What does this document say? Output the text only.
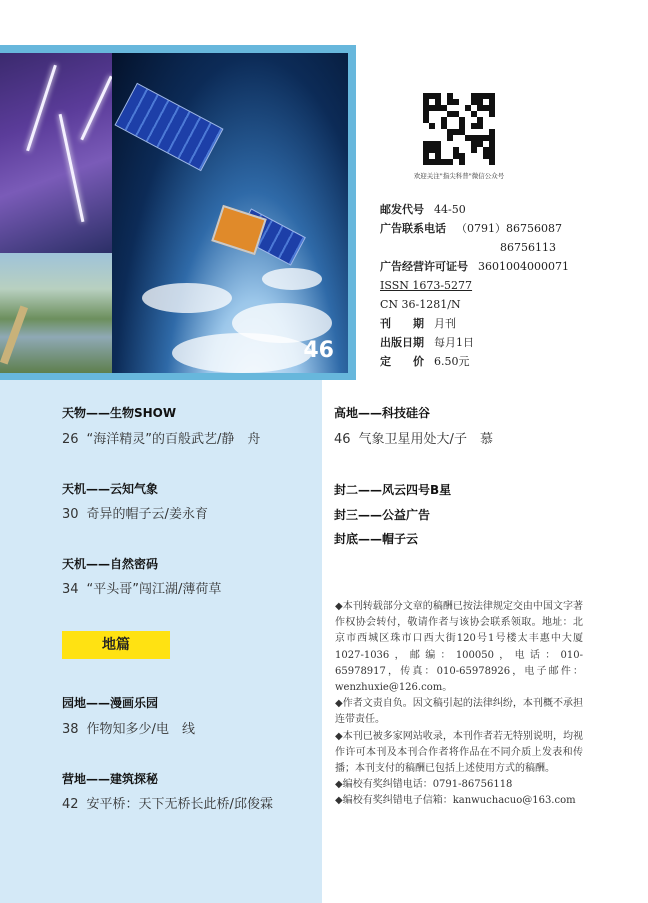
46
欢迎关注"指尖科普"微信公众号
邮发代号 44-50
广告联系电话 （0791）86756087
86756113
广告经营许可证号 3601004000071
ISSN 1673-5277
CN 36-1281/N
刊　　期 月刊
出版日期 每月1日
定　　价 6.50元
天物——生物SHOW
26 “海洋精灵”的百般武艺/静　舟
天机——云知气象
30 奇异的帽子云/姜永育
天机——自然密码
34 “平头哥”闯江湖/薄荷草
地篇
园地——漫画乐园
38 作物知多少/电　线
营地——建筑探秘
42 安平桥：天下无桥长此桥/邱俊霖
高地——科技硅谷
46 气象卫星用处大/子　慕
封二——风云四号B星
封三——公益广告
封底——帽子云

◆本刊转载部分文章的稿酬已按法律规定交由中国文字著作权协会转付，敬请作者与该协会联系领取。地址：北京市西城区珠市口西大街120号1号楼太丰惠中大厦1027-1036，邮编：100050，电话：010-65978917，传真：010-65978926，电子邮件：wenzhuxie@126.com。

◆作者文责自负。因文稿引起的法律纠纷，本刊概不承担连带责任。

◆本刊已被多家网站收录，本刊作者若无特别说明，均视作许可本刊及本刊合作者将作品在不同介质上发表和传播；本刊支付的稿酬已包括上述使用方式的稿酬。

◆编校有奖纠错电话：0791-86756118

◆编校有奖纠错电子信箱：kanwuchacuo@163.com
